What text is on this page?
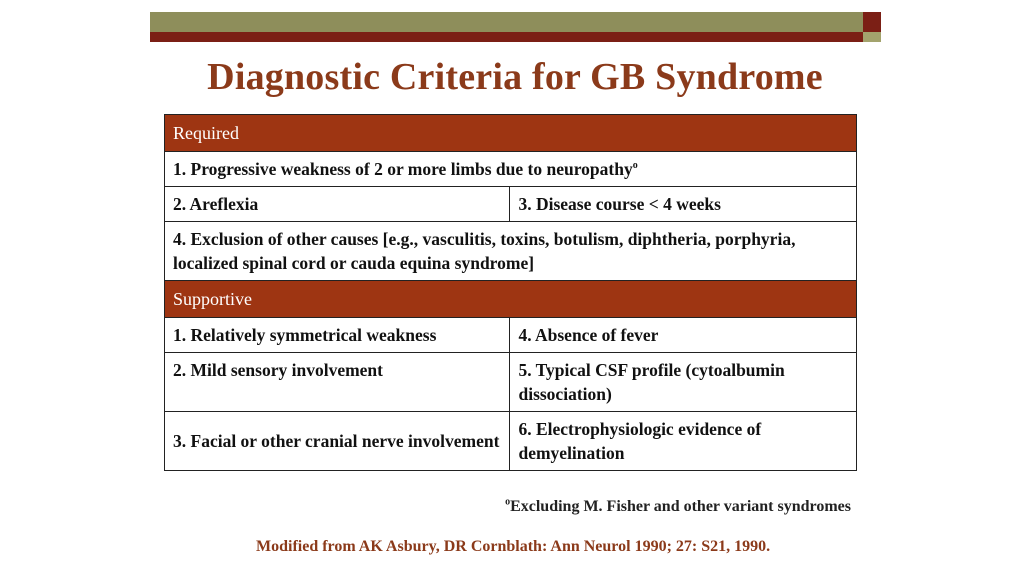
Diagnostic Criteria for GB Syndrome
Required	
1. Progressive weakness of 2 or more limbs due to neuropathy$^o$
2. Areflexia	3. Disease course < 4 weeks
4. Exclusion of other causes [e.g., vasculitis, toxins, botulism, diphtheria, porphyria, localized spinal cord or cauda equina syndrome]	
Supportive	
1. Relatively symmetrical weakness	4. Absence of fever
2. Mild sensory involvement	5. Typical CSF profile (cytoalbumin dissociation)
3. Facial or other cranial nerve involvement	6. Electrophysiologic evidence of demyelination
$^o$Excluding M. Fisher and other variant syndromes
Modified from AK Asbury, DR Cornblath: Ann Neurol 1990; 27: S21, 1990.
